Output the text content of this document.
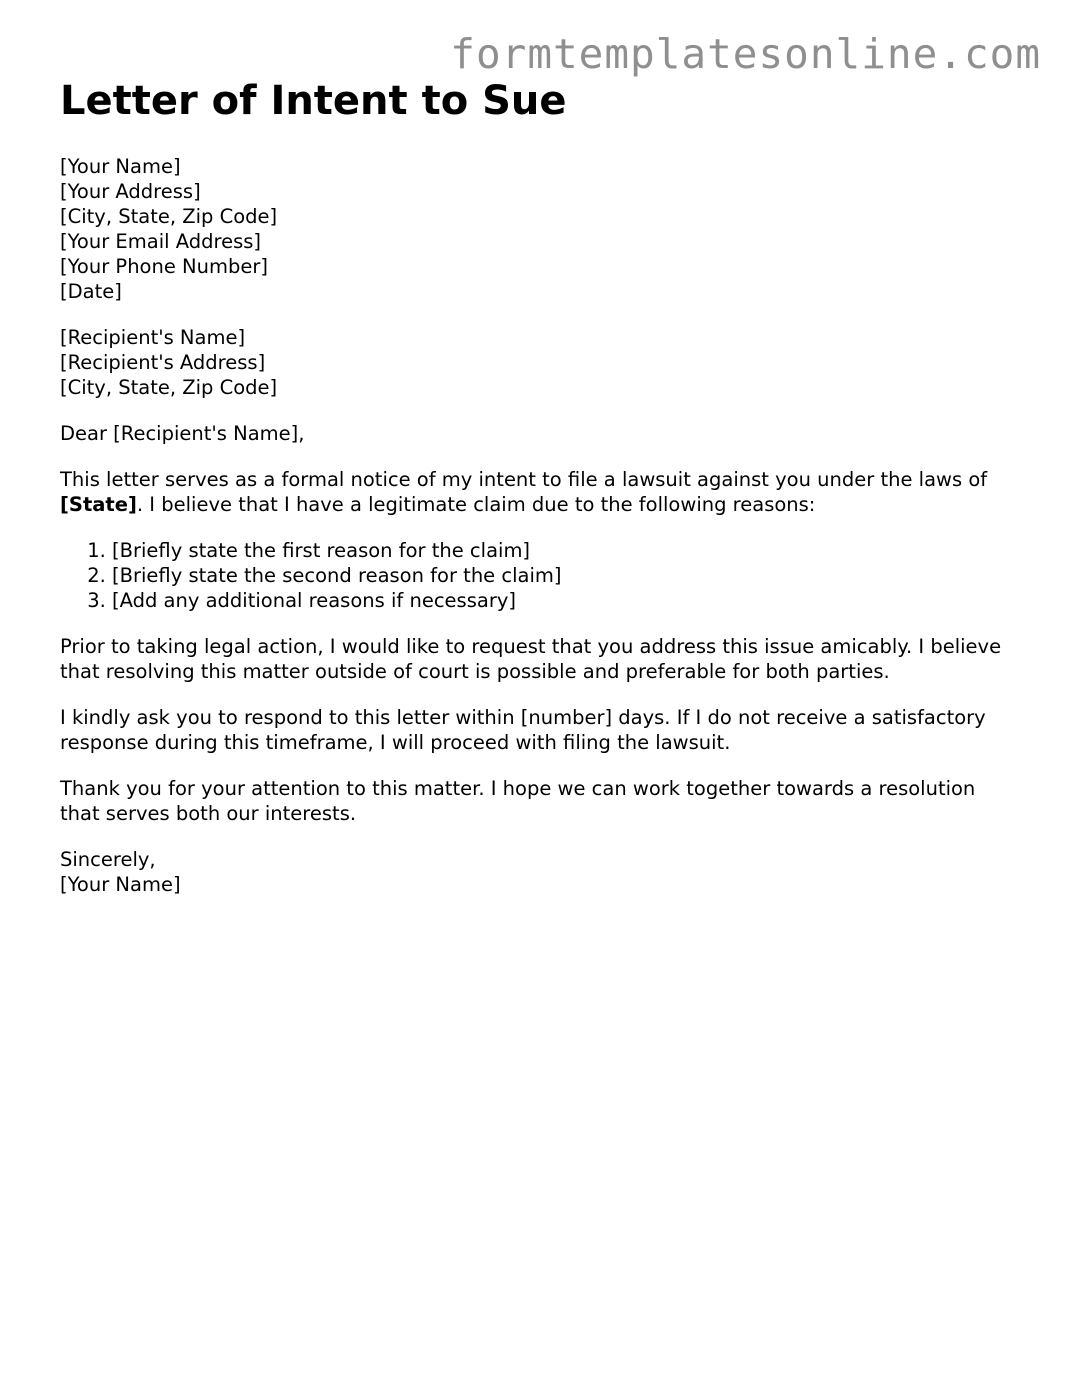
formtemplatesonline.com
Letter of Intent to Sue
[Your Name]
[Your Address]
[City, State, Zip Code]
[Your Email Address]
[Your Phone Number]
[Date]
[Recipient's Name]
[Recipient's Address]
[City, State, Zip Code]

Dear [Recipient's Name],

This letter serves as a formal notice of my intent to file a lawsuit against you under the laws of [State]. I believe that I have a legitimate claim due to the following reasons:

1. [Briefly state the first reason for the claim]
2. [Briefly state the second reason for the claim]
3. [Add any additional reasons if necessary]

Prior to taking legal action, I would like to request that you address this issue amicably. I believe that resolving this matter outside of court is possible and preferable for both parties.

I kindly ask you to respond to this letter within [number] days. If I do not receive a satisfactory response during this timeframe, I will proceed with filing the lawsuit.

Thank you for your attention to this matter. I hope we can work together towards a resolution that serves both our interests.

Sincerely,
[Your Name]
